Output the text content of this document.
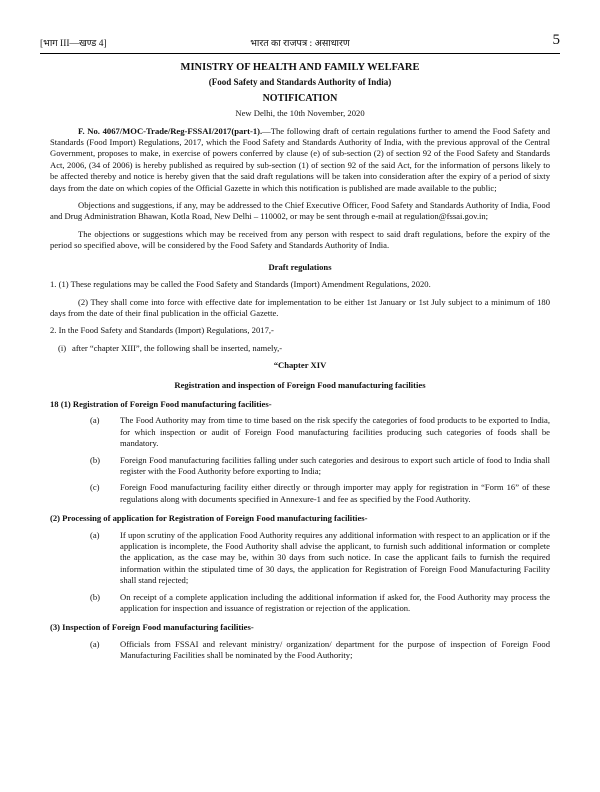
[भाग III—खण्ड 4]	भारत का राजपत्र : असाधारण	5

MINISTRY OF HEALTH AND FAMILY WELFARE

(Food Safety and Standards Authority of India)

NOTIFICATION

New Delhi, the 10th November, 2020

F. No. 4067/MOC-Trade/Reg-FSSAI/2017(part-1).—The following draft of certain regulations further to amend the Food Safety and Standards (Food Import) Regulations, 2017, which the Food Safety and Standards Authority of India, with the previous approval of the Central Government, proposes to make, in exercise of powers conferred by clause (e) of sub-section (2) of section 92 of the Food Safety and Standards Act, 2006, (34 of 2006) is hereby published as required by sub-section (1) of section 92 of the said Act, for the information of persons likely to be affected thereby and notice is hereby given that the said draft regulations will be taken into consideration after the expiry of a period of sixty days from the date on which copies of the Official Gazette in which this notification is published are made available to the public;

Objections and suggestions, if any, may be addressed to the Chief Executive Officer, Food Safety and Standards Authority of India, Food and Drug Administration Bhawan, Kotla Road, New Delhi – 110002, or may be sent through e-mail at regulation@fssai.gov.in;

The objections or suggestions which may be received from any person with respect to said draft regulations, before the expiry of the period so specified above, will be considered by the Food Safety and Standards Authority of India.

Draft regulations

1. (1) These regulations may be called the Food Safety and Standards (Import) Amendment Regulations, 2020.

(2) They shall come into force with effective date for implementation to be either 1st January or 1st July subject to a minimum of 180 days from the date of their final publication in the official Gazette.

2. In the Food Safety and Standards (Import) Regulations, 2017,-

(i) after “chapter XIII”, the following shall be inserted, namely,-

“Chapter XIV

Registration and inspection of Foreign Food manufacturing facilities

18 (1) Registration of Foreign Food manufacturing facilities-

(a) The Food Authority may from time to time based on the risk specify the categories of food products to be exported to India, for which inspection or audit of Foreign Food manufacturing facilities producing such categories of foods shall be mandatory.

(b) Foreign Food manufacturing facilities falling under such categories and desirous to export such article of food to India shall register with the Food Authority before exporting to India;

(c) Foreign Food manufacturing facility either directly or through importer may apply for registration in “Form 16” of these regulations along with documents specified in Annexure-1 and fee as specified by the Food Authority.

(2) Processing of application for Registration of Foreign Food manufacturing facilities-

(a) If upon scrutiny of the application Food Authority requires any additional information with respect to an application or if the application is incomplete, the Food Authority shall advise the applicant, to furnish such additional information or complete the application, as the case may be, within 30 days from such notice. In case the applicant fails to furnish the required information within the stipulated time of 30 days, the application for Registration of Foreign Food Manufacturing Facility shall stand rejected;

(b) On receipt of a complete application including the additional information if asked for, the Food Authority may process the application for inspection and issuance of registration or rejection of the application.

(3) Inspection of Foreign Food manufacturing facilities-

(a) Officials from FSSAI and relevant ministry/ organization/ department for the purpose of inspection of Foreign Food Manufacturing Facilities shall be nominated by the Food Authority;
